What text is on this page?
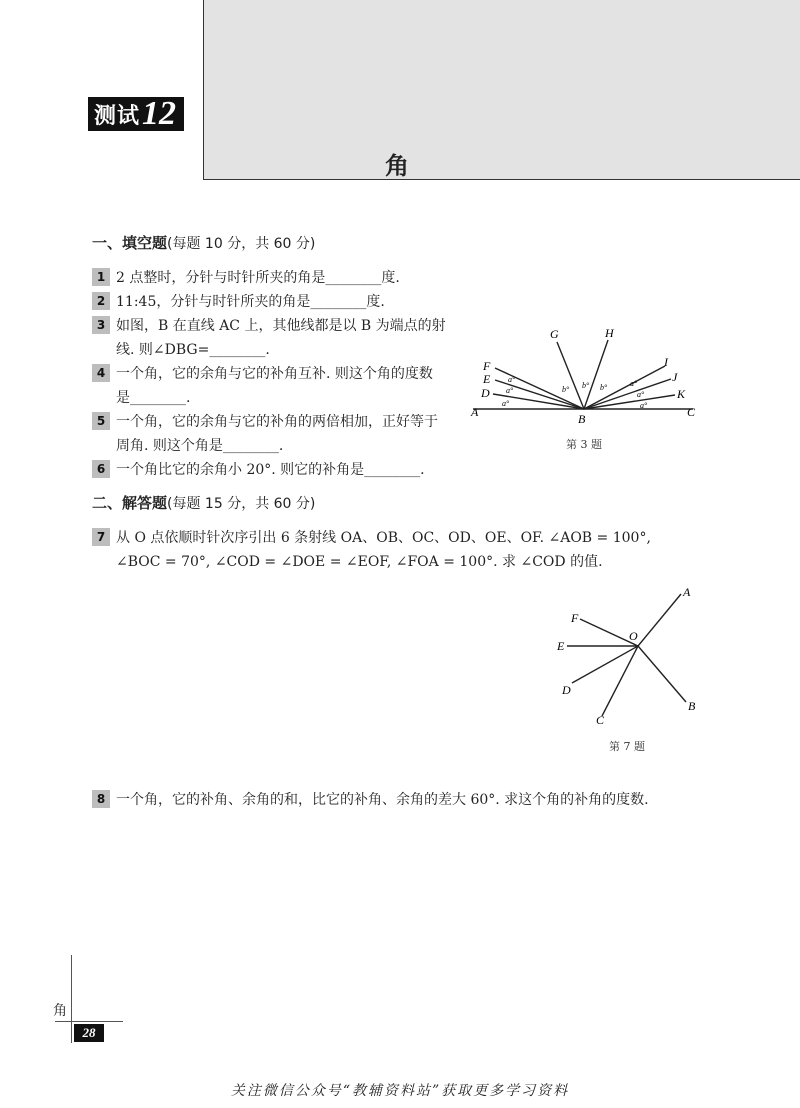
测试 12
角
一、填空题(每题 10 分，共 60 分)
1 2 点整时，分针与时针所夹的角是________度.
2 11:45，分针与时针所夹的角是________度.
3 如图，B 在直线 AC 上，其他线都是以 B 为端点的射
线. 则∠DBG=________.
4 一个角，它的余角与它的补角互补. 则这个角的度数
是________.
5 一个角，它的余角与它的补角的两倍相加，正好等于
周角. 则这个角是________.
6 一个角比它的余角小 20°. 则它的补角是________.
G	H
F
E
D
A	B	C
I
J
K
a°
a°
a°
b° b° b°	a°
a°
a°
第 3 题
二、解答题(每题 15 分，共 60 分)
7 从 O 点依顺时针次序引出 6 条射线 OA、OB、OC、OD、OE、OF. ∠AOB = 100°,
∠BOC = 70°, ∠COD = ∠DOE = ∠EOF, ∠FOA = 100°. 求 ∠COD 的值.
A
F
O
E
D
C
B
第 7 题
8 一个角，它的补角、余角的和，比它的补角、余角的差大 60°. 求这个角的补角的度数.
角
28
关注微信公众号“教辅资料站”获取更多学习资料
